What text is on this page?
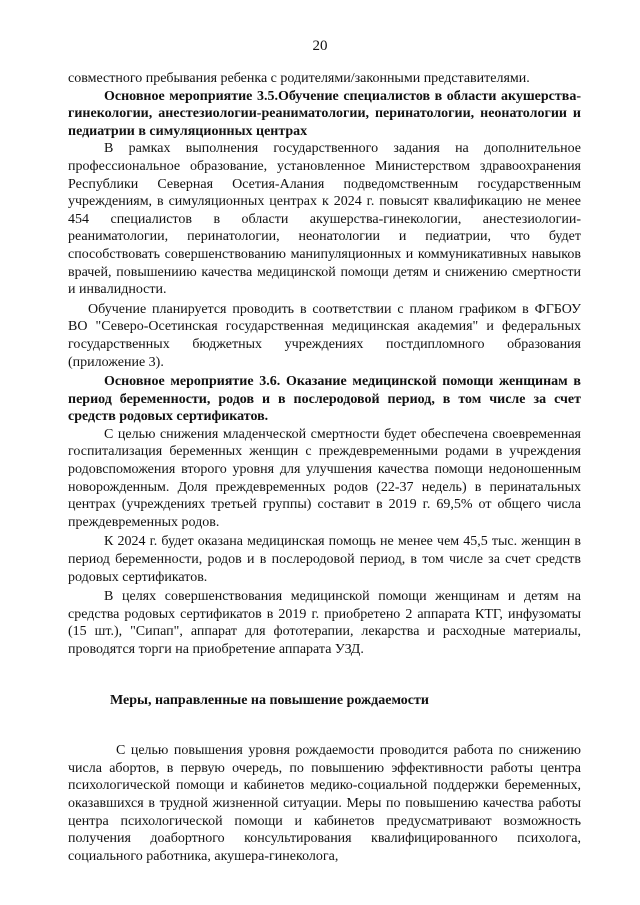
20

совместного пребывания ребенка с родителями/законными представителями.

Основное мероприятие 3.5.Обучение специалистов в области акушерства-гинекологии, анестезиологии-реаниматологии, перинатологии, неонатологии и педиатрии в симуляционных центрах

В рамках выполнения государственного задания на дополнительное профессиональное образование, установленное Министерством здравоохранения Республики Северная Осетия-Алания подведомственным государственным учреждениям, в симуляционных центрах к 2024 г. повысят квалификацию не менее 454 специалистов в области акушерства-гинекологии, анестезиологии-реаниматологии, перинатологии, неонатологии и педиатрии, что будет способствовать совершенствованию манипуляционных и коммуникативных навыков врачей, повышениию качества медицинской помощи детям и снижению смертности и инвалидности.

Обучение планируется проводить в соответствии с планом графиком в ФГБОУ ВО "Северо-Осетинская государственная медицинская академия" и федеральных государственных бюджетных учреждениях постдипломного образования (приложение 3).

Основное мероприятие 3.6. Оказание медицинской помощи женщинам в период беременности, родов и в послеродовой период, в том числе за счет средств родовых сертификатов.

С целью снижения младенческой смертности будет обеспечена своевременная госпитализация беременных женщин с преждевременными родами в учреждения родовспоможения второго уровня для улучшения качества помощи недоношенным новорожденным. Доля преждевременных родов (22-37 недель) в перинатальных центрах (учреждениях третьей группы) составит в 2019 г. 69,5% от общего числа преждевременных родов.

К 2024 г. будет оказана медицинская помощь не менее чем 45,5 тыс. женщин в период беременности, родов и в послеродовой период, в том числе за счет средств родовых сертификатов.

В целях совершенствования медицинской помощи женщинам и детям на средства родовых сертификатов в 2019 г. приобретено 2 аппарата КТГ, инфузоматы (15 шт.), "Сипап", аппарат для фототерапии, лекарства и расходные материалы, проводятся торги на приобретение аппарата УЗД.

Меры, направленные на повышение рождаемости

С целью повышения уровня рождаемости проводится работа по снижению числа абортов, в первую очередь, по повышению эффективности работы центра психологической помощи и кабинетов медико-социальной поддержки беременных, оказавшихся в трудной жизненной ситуации. Меры по повышению качества работы центра психологической помощи и кабинетов предусматривают возможность получения доабортного консультирования квалифицированного психолога, социального работника, акушера-гинеколога,
